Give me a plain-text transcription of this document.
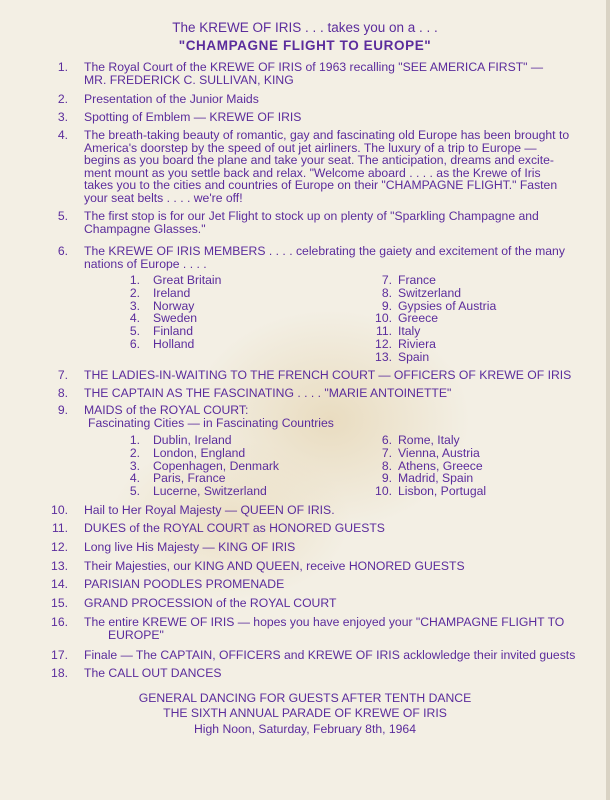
The KREWE OF IRIS . . . takes you on a . . .
"CHAMPAGNE FLIGHT TO EUROPE"
1. The Royal Court of the KREWE OF IRIS of 1963 recalling "SEE AMERICA FIRST" —
MR. FREDERICK C. SULLIVAN, KING
2. Presentation of the Junior Maids
3. Spotting of Emblem — KREWE OF IRIS
4. The breath-taking beauty of romantic, gay and fascinating old Europe has been brought to
America's doorstep by the speed of out jet airliners. The luxury of a trip to Europe —
begins as you board the plane and take your seat. The anticipation, dreams and excite-
ment mount as you settle back and relax. "Welcome aboard . . . . as the Krewe of Iris
takes you to the cities and countries of Europe on their "CHAMPAGNE FLIGHT." Fasten
your seat belts . . . . we're off!
5. The first stop is for our Jet Flight to stock up on plenty of "Sparkling Champagne and
Champagne Glasses."
6. The KREWE OF IRIS MEMBERS . . . . celebrating the gaiety and excitement of the many
nations of Europe . . . .
7. THE LADIES-IN-WAITING TO THE FRENCH COURT — OFFICERS OF KREWE OF IRIS
8. THE CAPTAIN AS THE FASCINATING . . . . "MARIE ANTOINETTE"
9. MAIDS of the ROYAL COURT:
Fascinating Cities — in Fascinating Countries
10. Hail to Her Royal Majesty — QUEEN OF IRIS.
11. DUKES of the ROYAL COURT as HONORED GUESTS
12. Long live His Majesty — KING OF IRIS
13. Their Majesties, our KING AND QUEEN, receive HONORED GUESTS
14. PARISIAN POODLES PROMENADE
15. GRAND PROCESSION of the ROYAL COURT
16. The entire KREWE OF IRIS — hopes you have enjoyed your "CHAMPAGNE FLIGHT TO
EUROPE"
17. Finale — The CAPTAIN, OFFICERS and KREWE OF IRIS acklowledge their invited guests
18. The CALL OUT DANCES
1. Great Britain
2. Ireland
3. Norway
4. Sweden
5. Finland
6. Holland
7. France
8. Switzerland
9. Gypsies of Austria
10. Greece
11. Italy
12. Riviera
13. Spain
1. Dublin, Ireland
2. London, England
3. Copenhagen, Denmark
4. Paris, France
5. Lucerne, Switzerland
6. Rome, Italy
7. Vienna, Austria
8. Athens, Greece
9. Madrid, Spain
10. Lisbon, Portugal
GENERAL DANCING FOR GUESTS AFTER TENTH DANCE
THE SIXTH ANNUAL PARADE OF KREWE OF IRIS
High Noon, Saturday, February 8th, 1964
